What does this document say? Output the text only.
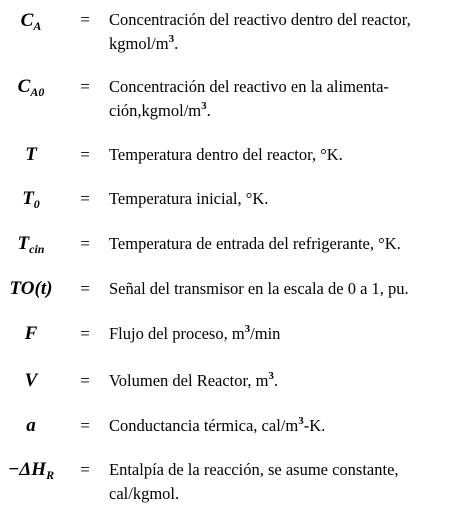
$C_A$	=	Concentración del reactivo dentro del reactor,
kgmol/$m^3$.
$C_{A0}$	=	Concentración del reactivo en la alimenta-
$ción,kgmol/m^3$.
T	=	Temperatura dentro del reactor, °K.
$T_0$	=	Temperatura inicial, °K.
$T_{cin}$	=	Temperatura de entrada del refrigerante, °K.
TO(t)	=	Señal del transmisor en la escala de 0 a 1, pu.
F	=	Flujo del proceso, $m^3/\min$
V	=	Volumen del Reactor, $m^3$.
a	=	Conductancia térmica, cal/$m^3-K$.
$-\Delta H_R$	=	Entalpía de la reacción, se asume constante,
cal/kgmol.
